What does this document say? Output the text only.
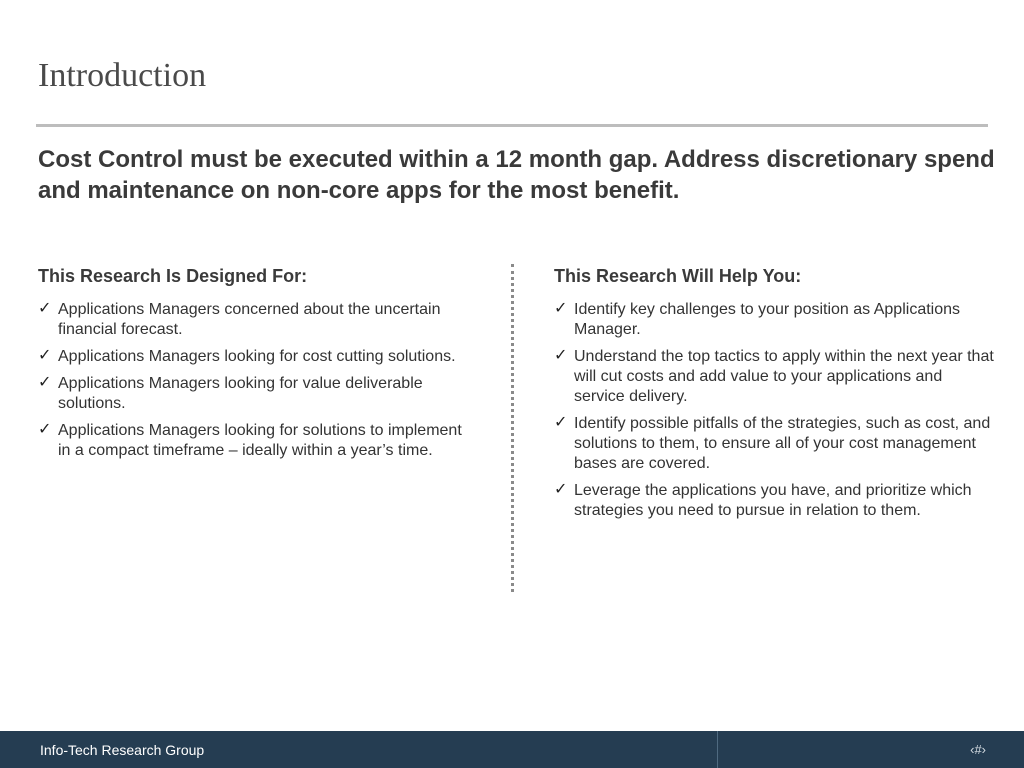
Introduction
Cost Control must be executed within a 12 month gap. Address discretionary spend and maintenance on non-core apps for the most benefit.
This Research Is Designed For:
✓ Applications Managers concerned about the uncertain financial forecast.
✓ Applications Managers looking for cost cutting solutions.
✓ Applications Managers looking for value deliverable solutions.
✓ Applications Managers looking for solutions to implement in a compact timeframe – ideally within a year’s time.
This Research Will Help You:
✓ Identify key challenges to your position as Applications Manager.
✓ Understand the top tactics to apply within the next year that will cut costs and add value to your applications and service delivery.
✓ Identify possible pitfalls of the strategies, such as cost, and solutions to them, to ensure all of your cost management bases are covered.
✓ Leverage the applications you have, and prioritize which strategies you need to pursue in relation to them.
Info-Tech Research Group	‹#›
